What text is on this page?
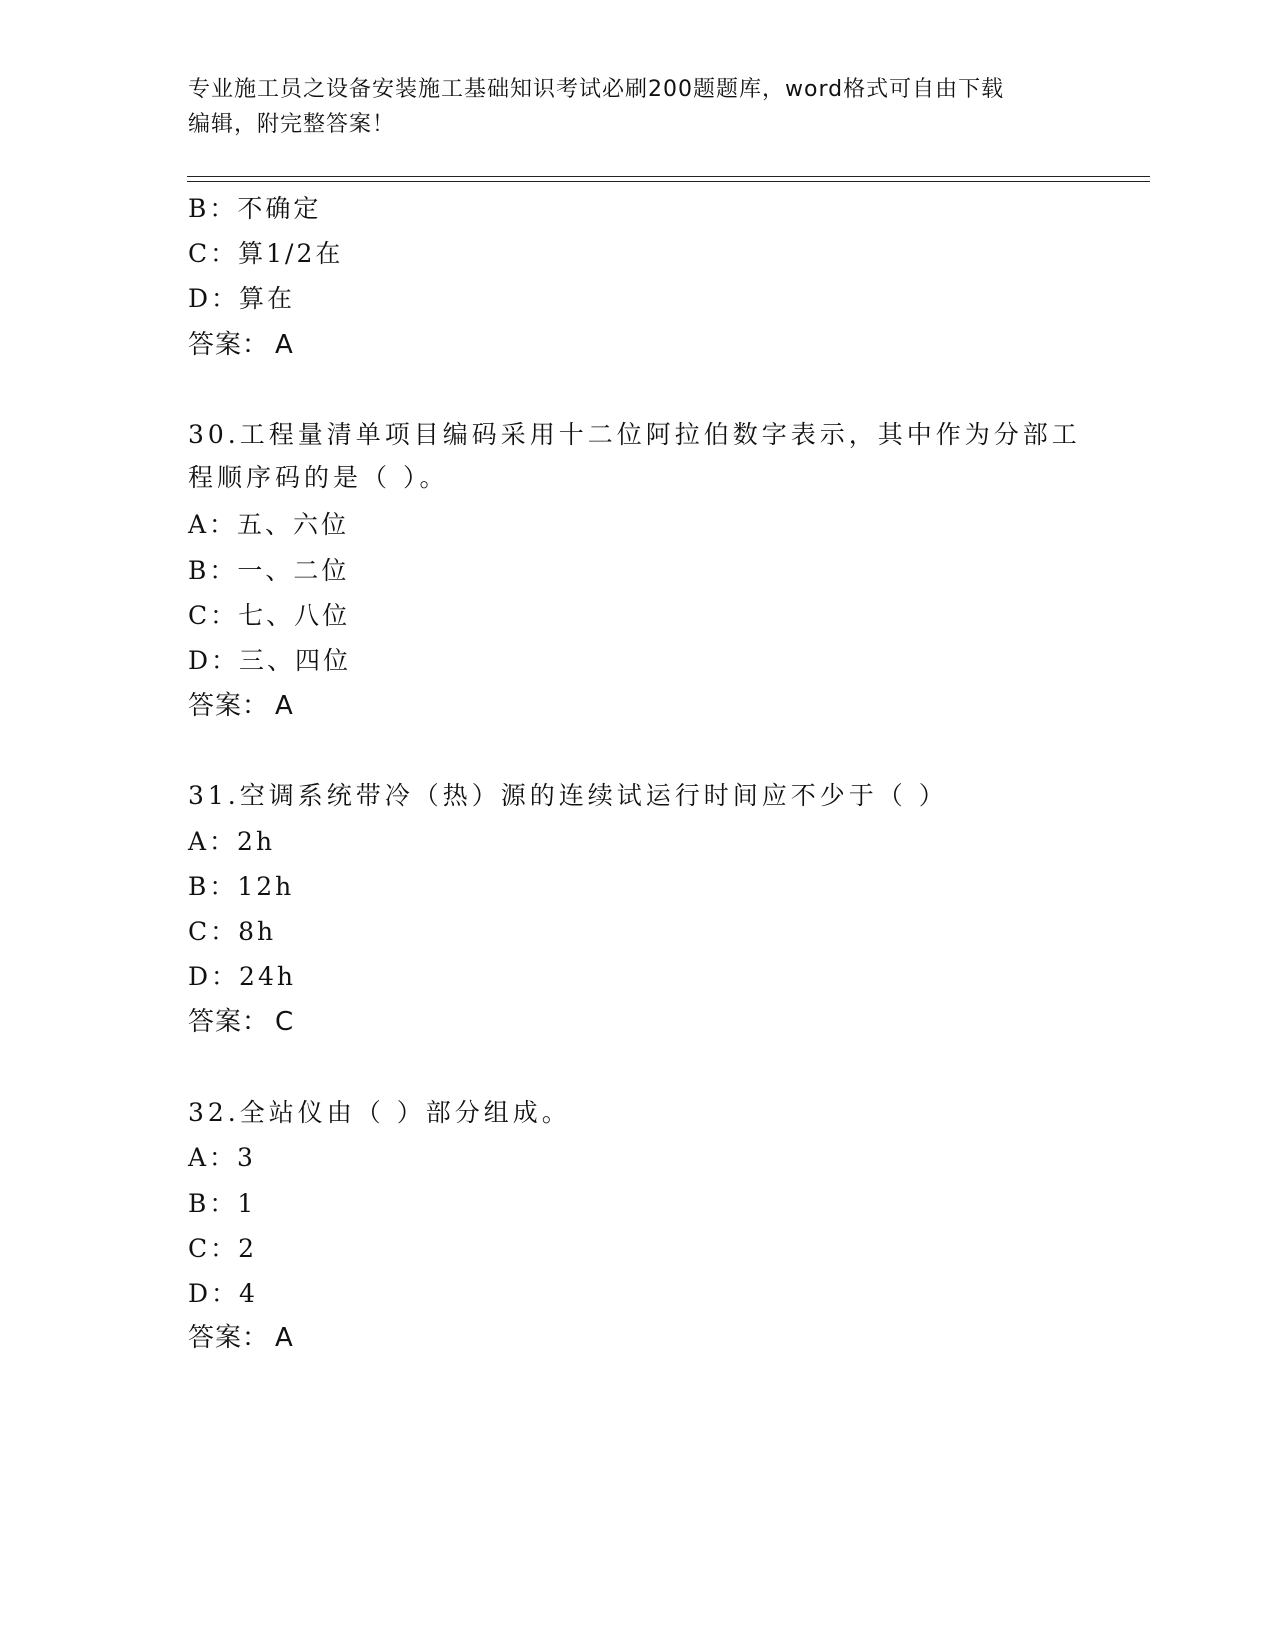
专业施工员之设备安装施工基础知识考试必刷200题题库，word格式可自由下载
编辑，附完整答案！
B：不确定
C：算1/2在
D：算在
答案： A
30.工程量清单项目编码采用十二位阿拉伯数字表示，其中作为分部工
程顺序码的是（ ）。
A：五、六位
B：一、二位
C：七、八位
D：三、四位
答案： A
31.空调系统带冷（热）源的连续试运行时间应不少于（ ）
A：2h
B：12h
C：8h
D：24h
答案： C
32.全站仪由（ ）部分组成。
A：3
B：1
C：2
D：4
答案： A
